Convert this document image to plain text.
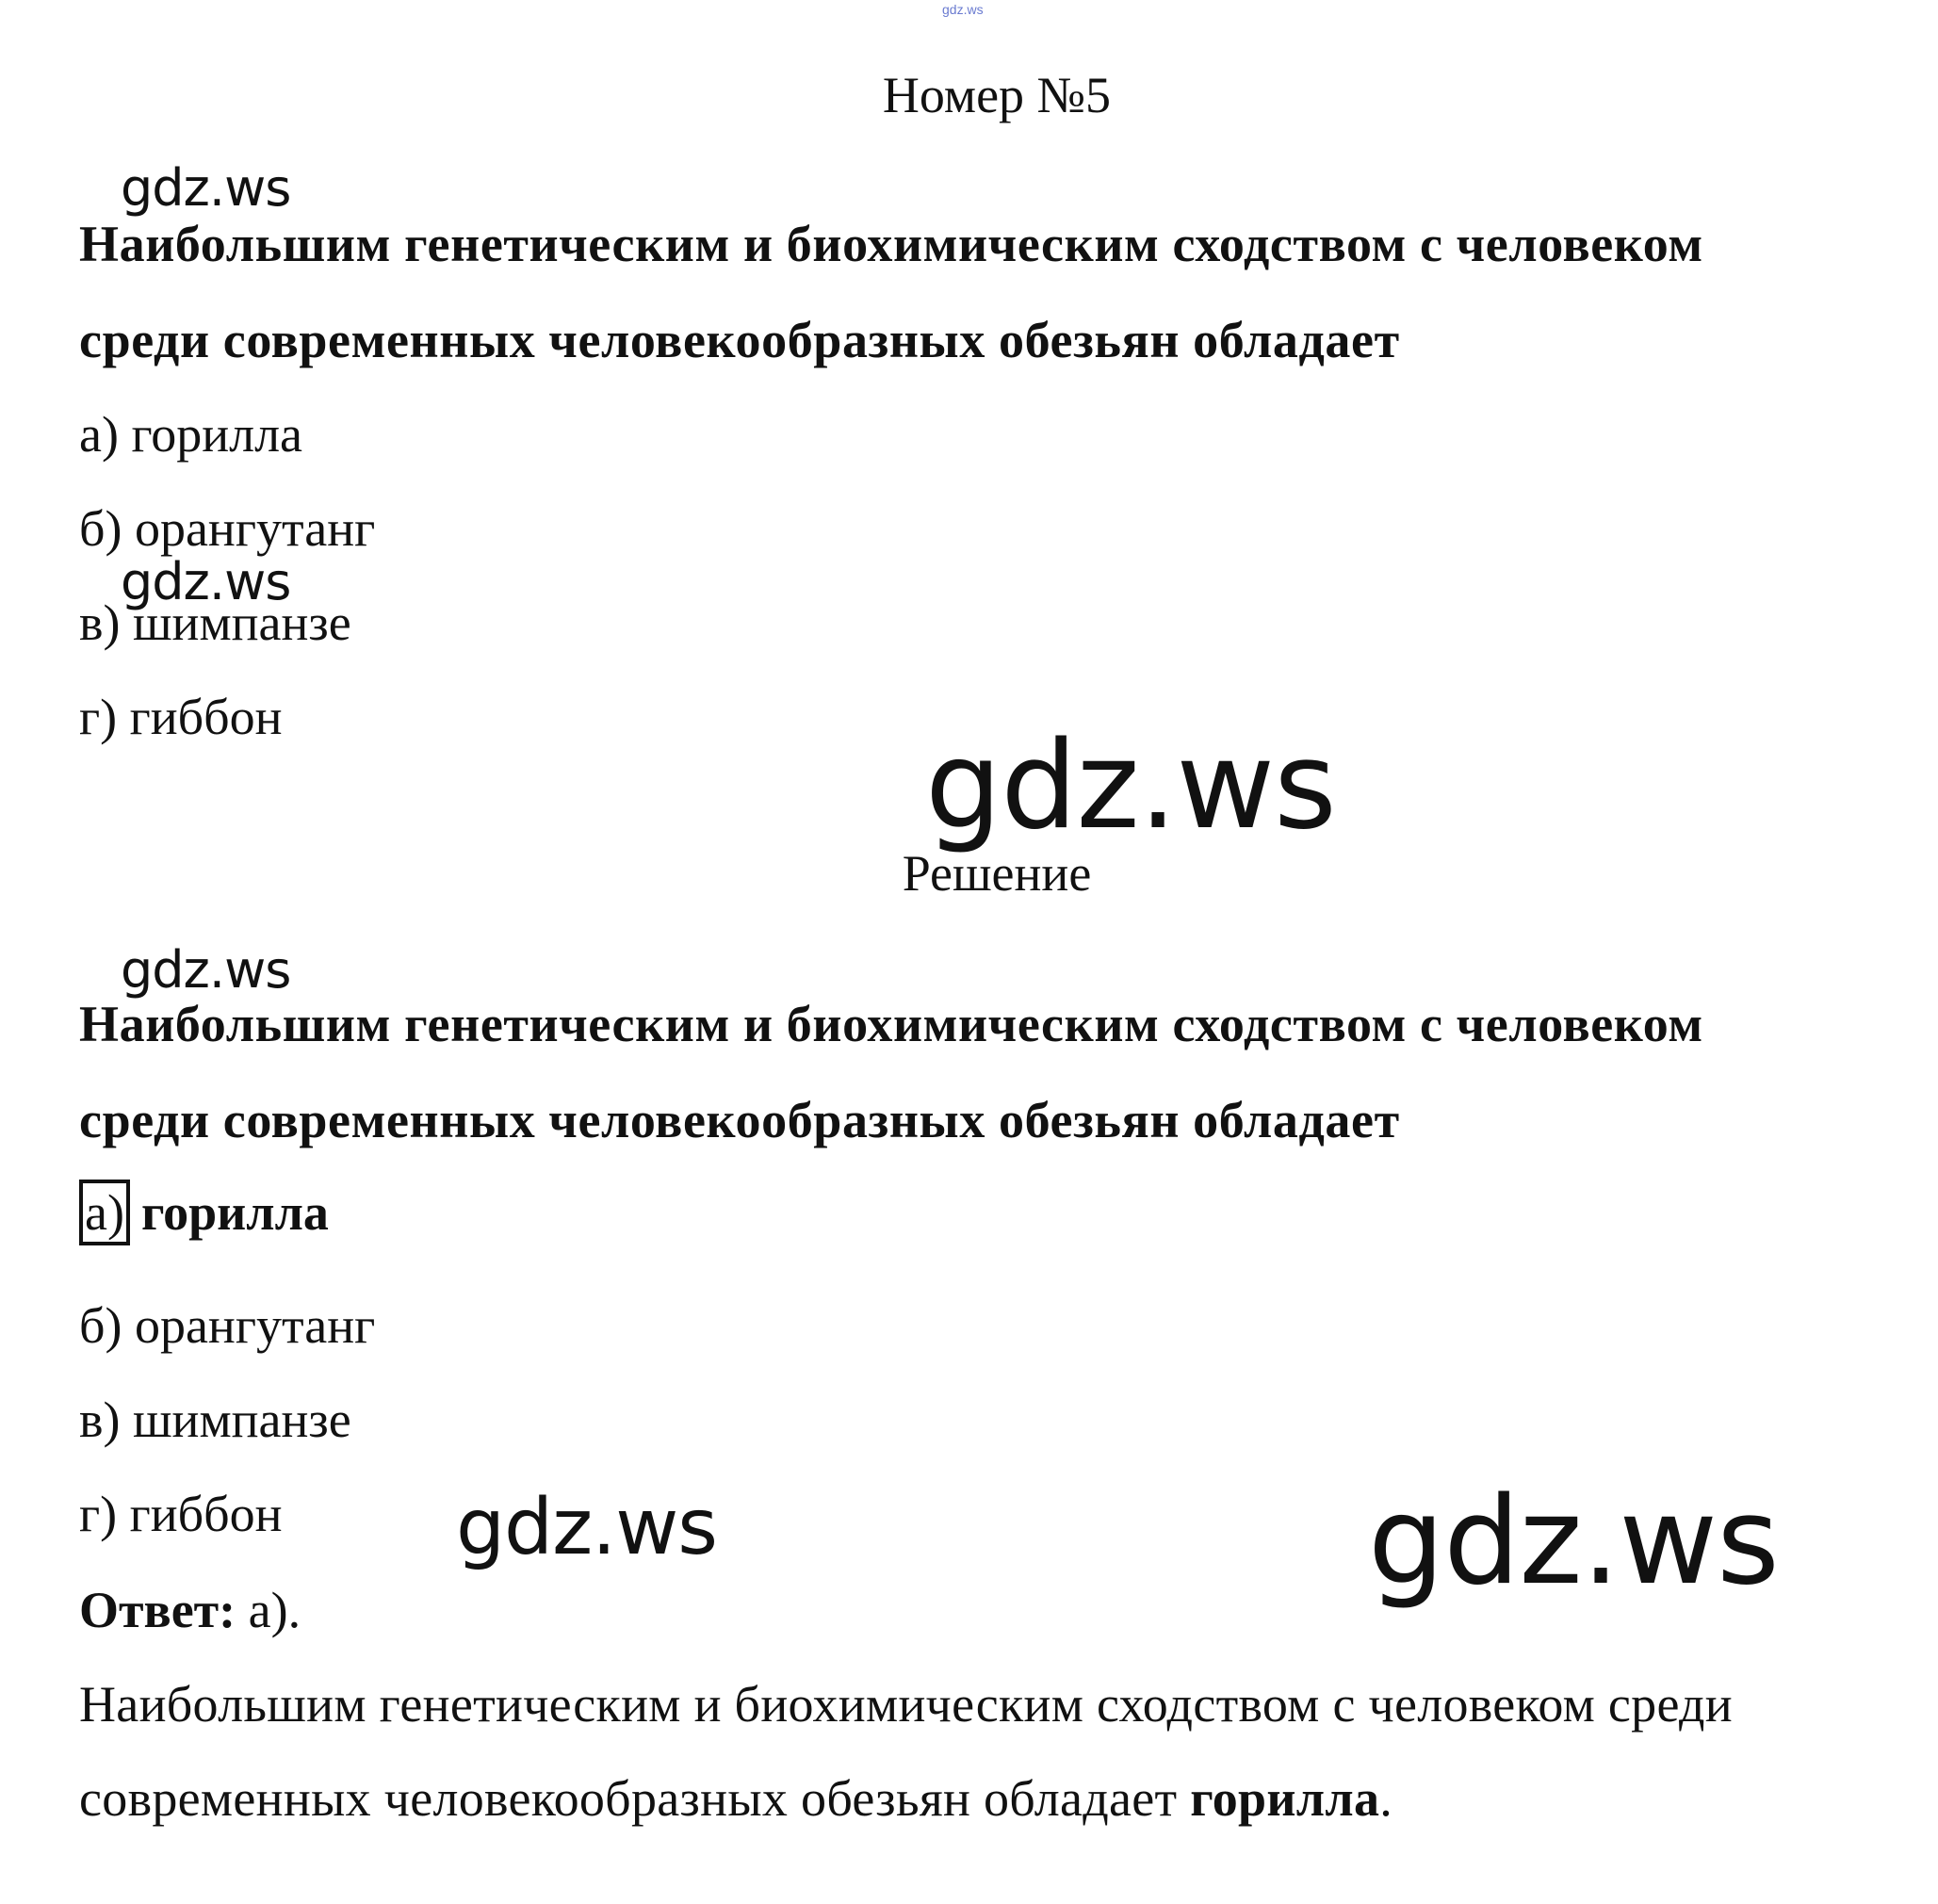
gdz.ws
Номер №5
gdz.ws
Наибольшим генетическим и биохимическим сходством с человеком
среди современных человекообразных обезьян обладает
а) горилла
б) орангутанг
gdz.ws
в) шимпанзе
г) гиббон	gdz.ws
Решение
gdz.ws
Наибольшим генетическим и биохимическим сходством с человеком
среди современных человекообразных обезьян обладает
а) горилла
б) орангутанг
в) шимпанзе
г) гиббон gdz.ws	gdz.ws
Ответ: а).
Наибольшим генетическим и биохимическим сходством с человеком среди
современных человекообразных обезьян обладает горилла.
